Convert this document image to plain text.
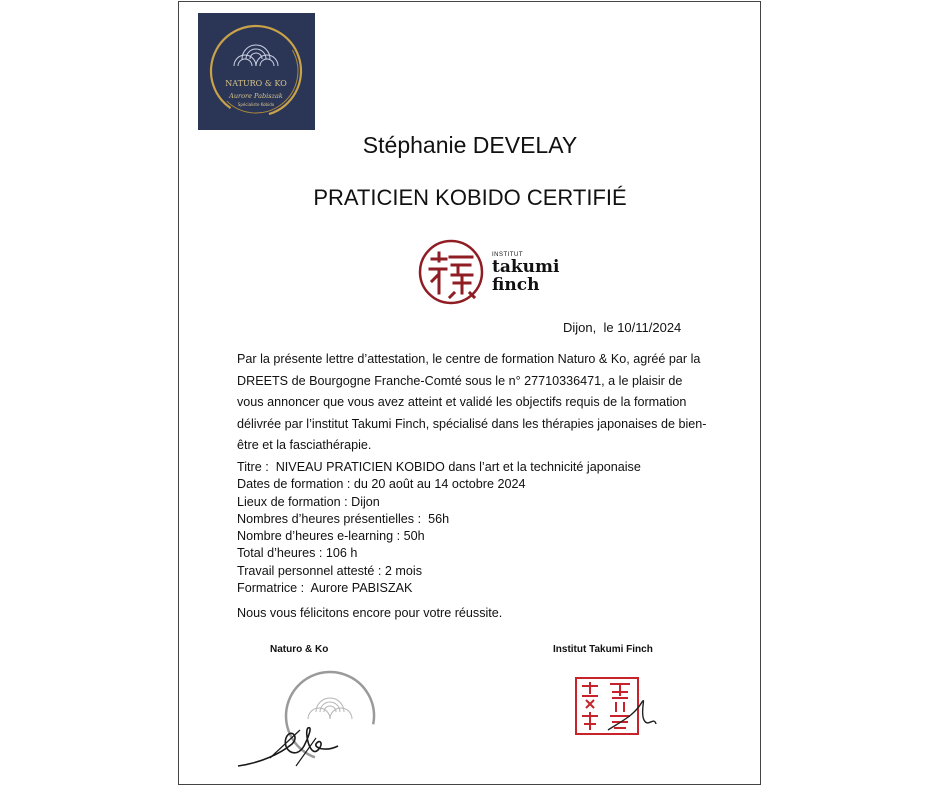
NATURO & KO
Aurore Pabiszak
Spécialiste Kobido
Stéphanie DEVELAY
PRATICIEN KOBIDO CERTIFIÉ
INSTITUT
takumi
finch
Dijon,  le 10/11/2024
Par la présente lettre d’attestation, le centre de formation Naturo & Ko, agréé par la DREETS de Bourgogne Franche-Comté sous le n° 27710336471, a le plaisir de vous annoncer que vous avez atteint et validé les objectifs requis de la formation délivrée par l’institut Takumi Finch, spécialisé dans les thérapies japonaises de bien-être et la fasciathérapie.
Titre :  NIVEAU PRATICIEN KOBIDO dans l’art et la technicité japonaise
Dates de formation : du 20 août au 14 octobre 2024
Lieux de formation : Dijon
Nombres d’heures présentielles :  56h
Nombre d’heures e-learning : 50h
Total d’heures : 106 h
Travail personnel attesté : 2 mois
Formatrice :  Aurore PABISZAK
Nous vous félicitons encore pour votre réussite.
Naturo & Ko	Institut Takumi Finch
